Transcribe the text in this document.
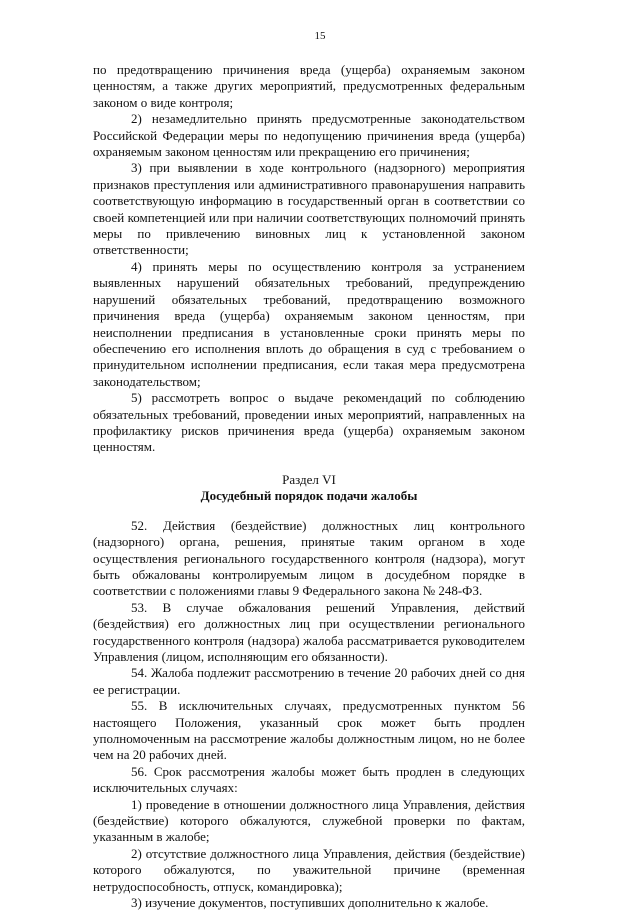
15

по предотвращению причинения вреда (ущерба) охраняемым законом ценностям, а также других мероприятий, предусмотренных федеральным законом о виде контроля;

2) незамедлительно принять предусмотренные законодательством Российской Федерации меры по недопущению причинения вреда (ущерба) охраняемым законом ценностям или прекращению его причинения;

3) при выявлении в ходе контрольного (надзорного) мероприятия признаков преступления или административного правонарушения направить соответствующую информацию в государственный орган в соответствии со своей компетенцией или при наличии соответствующих полномочий принять меры по привлечению виновных лиц к установленной законом ответственности;

4) принять меры по осуществлению контроля за устранением выявленных нарушений обязательных требований, предупреждению нарушений обязательных требований, предотвращению возможного причинения вреда (ущерба) охраняемым законом ценностям, при неисполнении предписания в установленные сроки принять меры по обеспечению его исполнения вплоть до обращения в суд с требованием о принудительном исполнении предписания, если такая мера предусмотрена законодательством;

5) рассмотреть вопрос о выдаче рекомендаций по соблюдению обязательных требований, проведении иных мероприятий, направленных на профилактику рисков причинения вреда (ущерба) охраняемым законом ценностям.

Раздел VI
Досудебный порядок подачи жалобы

52. Действия (бездействие) должностных лиц контрольного (надзорного) органа, решения, принятые таким органом в ходе осуществления регионального государственного контроля (надзора), могут быть обжалованы контролируемым лицом в досудебном порядке в соответствии с положениями главы 9 Федерального закона № 248-ФЗ.

53. В случае обжалования решений Управления, действий (бездействия) его должностных лиц при осуществлении регионального государственного контроля (надзора) жалоба рассматривается руководителем Управления (лицом, исполняющим его обязанности).

54. Жалоба подлежит рассмотрению в течение 20 рабочих дней со дня ее регистрации.

55. В исключительных случаях, предусмотренных пунктом 56 настоящего Положения, указанный срок может быть продлен уполномоченным на рассмотрение жалобы должностным лицом, но не более чем на 20 рабочих дней.

56. Срок рассмотрения жалобы может быть продлен в следующих исключительных случаях:

1) проведение в отношении должностного лица Управления, действия (бездействие) которого обжалуются, служебной проверки по фактам, указанным в жалобе;

2) отсутствие должностного лица Управления, действия (бездействие) которого обжалуются, по уважительной причине (временная нетрудоспособность, отпуск, командировка);

3) изучение документов, поступивших дополнительно к жалобе.
